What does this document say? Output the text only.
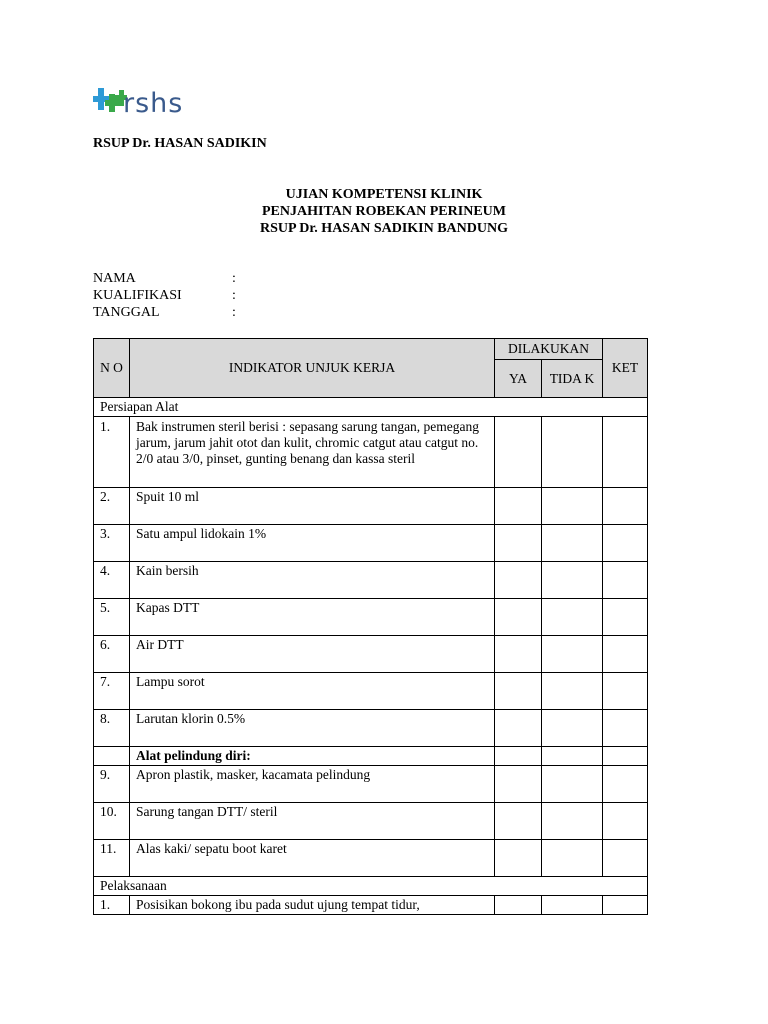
rshs
RSUP Dr. HASAN SADIKIN
UJIAN KOMPETENSI KLINIK
PENJAHITAN ROBEKAN PERINEUM
RSUP Dr. HASAN SADIKIN BANDUNG
NAMA	:
KUALIFIKASI	:
TANGGAL	:
N O	INDIKATOR UNJUK KERJA	DILAKUKAN		KET
		YA	TIDA K	
Persiapan Alat				
1.	Bak instrumen steril berisi : sepasang sarung tangan, pemegang jarum, jarum jahit otot dan kulit, chromic catgut atau catgut no. 2/0 atau 3/0, pinset, gunting benang dan kassa steril			
2.	Spuit 10 ml			
3.	Satu ampul lidokain 1%			
4.	Kain bersih			
5.	Kapas DTT			
6.	Air DTT			
7.	Lampu sorot			
8.	Larutan klorin 0.5%			
	Alat pelindung diri:			
9.	Apron plastik, masker, kacamata pelindung			
10.	Sarung tangan DTT/ steril			
11.	Alas kaki/ sepatu boot karet			
Pelaksanaan				
1.	Posisikan bokong ibu pada sudut ujung tempat tidur,			
